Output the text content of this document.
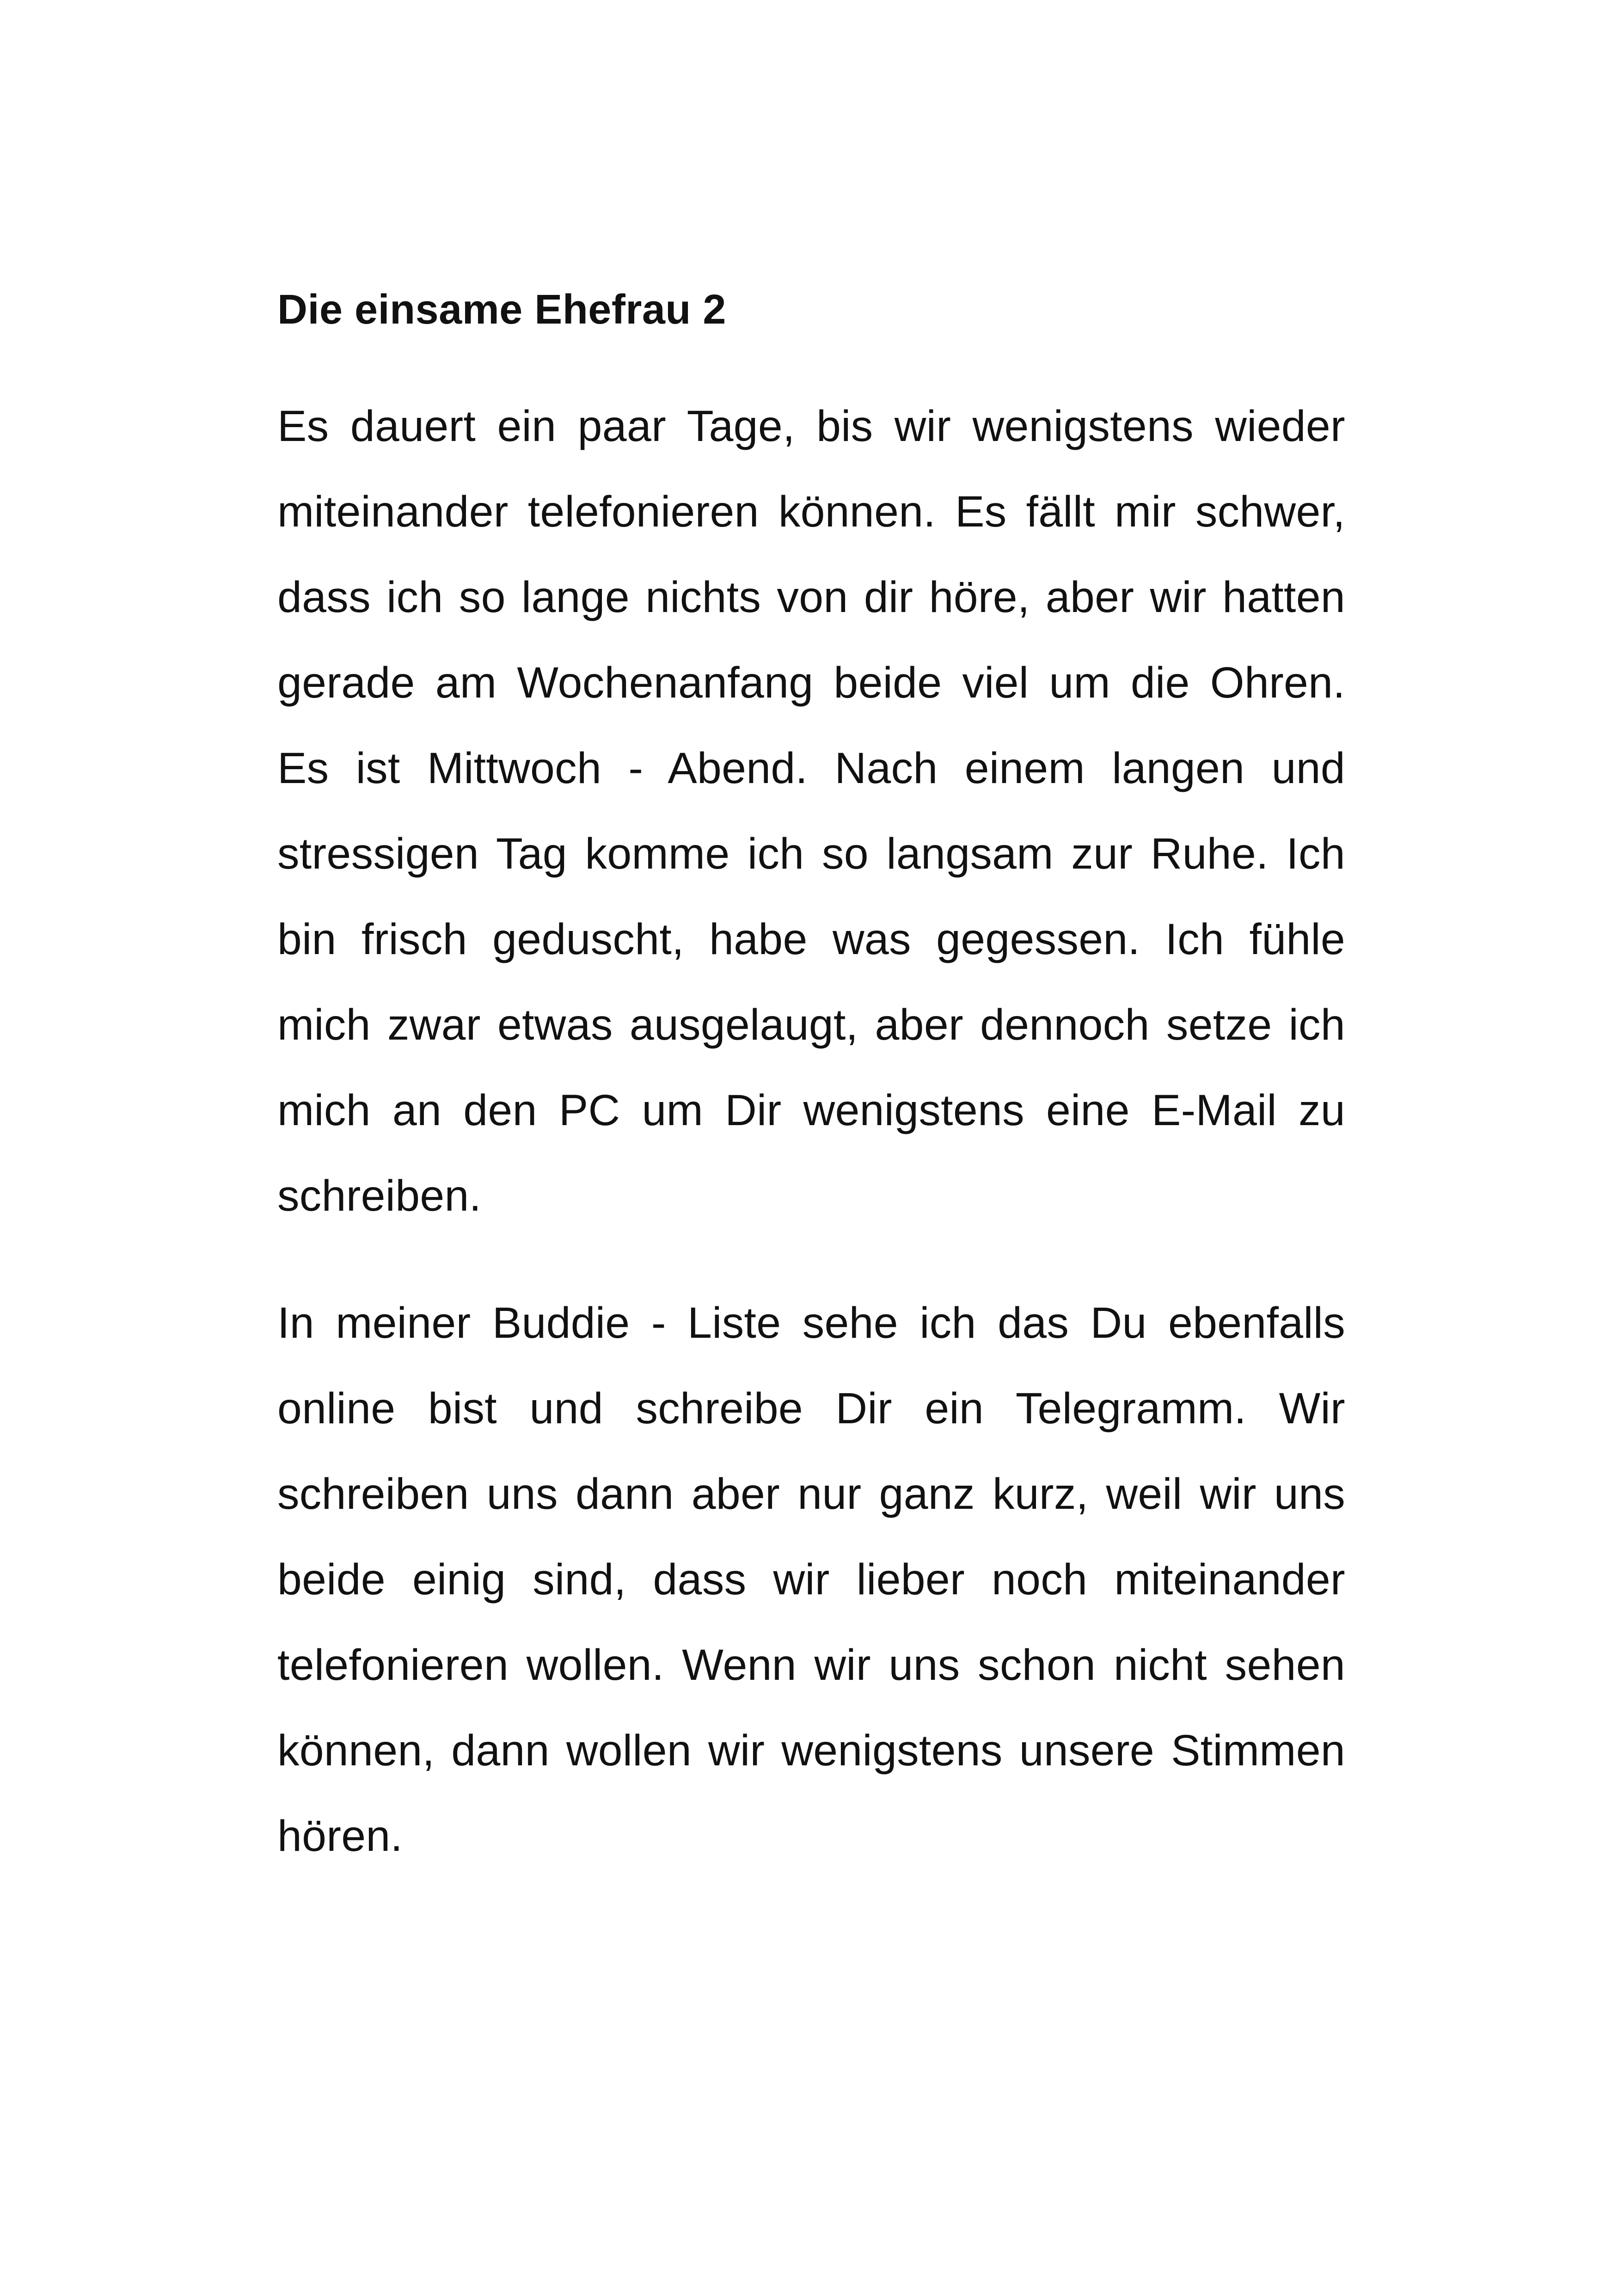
Die einsame Ehefrau 2

Es dauert ein paar Tage, bis wir wenigstens wieder miteinander telefonieren können. Es fällt mir schwer, dass ich so lange nichts von dir höre, aber wir hatten gerade am Wochenanfang beide viel um die Ohren. Es ist Mittwoch - Abend. Nach einem langen und stressigen Tag komme ich so langsam zur Ruhe. Ich bin frisch geduscht, habe was gegessen. Ich fühle mich zwar etwas ausgelaugt, aber dennoch setze ich mich an den PC um Dir wenigstens eine E-Mail zu schreiben.

In meiner Buddie - Liste sehe ich das Du ebenfalls online bist und schreibe Dir ein Telegramm. Wir schreiben uns dann aber nur ganz kurz, weil wir uns beide einig sind, dass wir lieber noch miteinander telefonieren wollen. Wenn wir uns schon nicht sehen können, dann wollen wir wenigstens unsere Stimmen hören.
